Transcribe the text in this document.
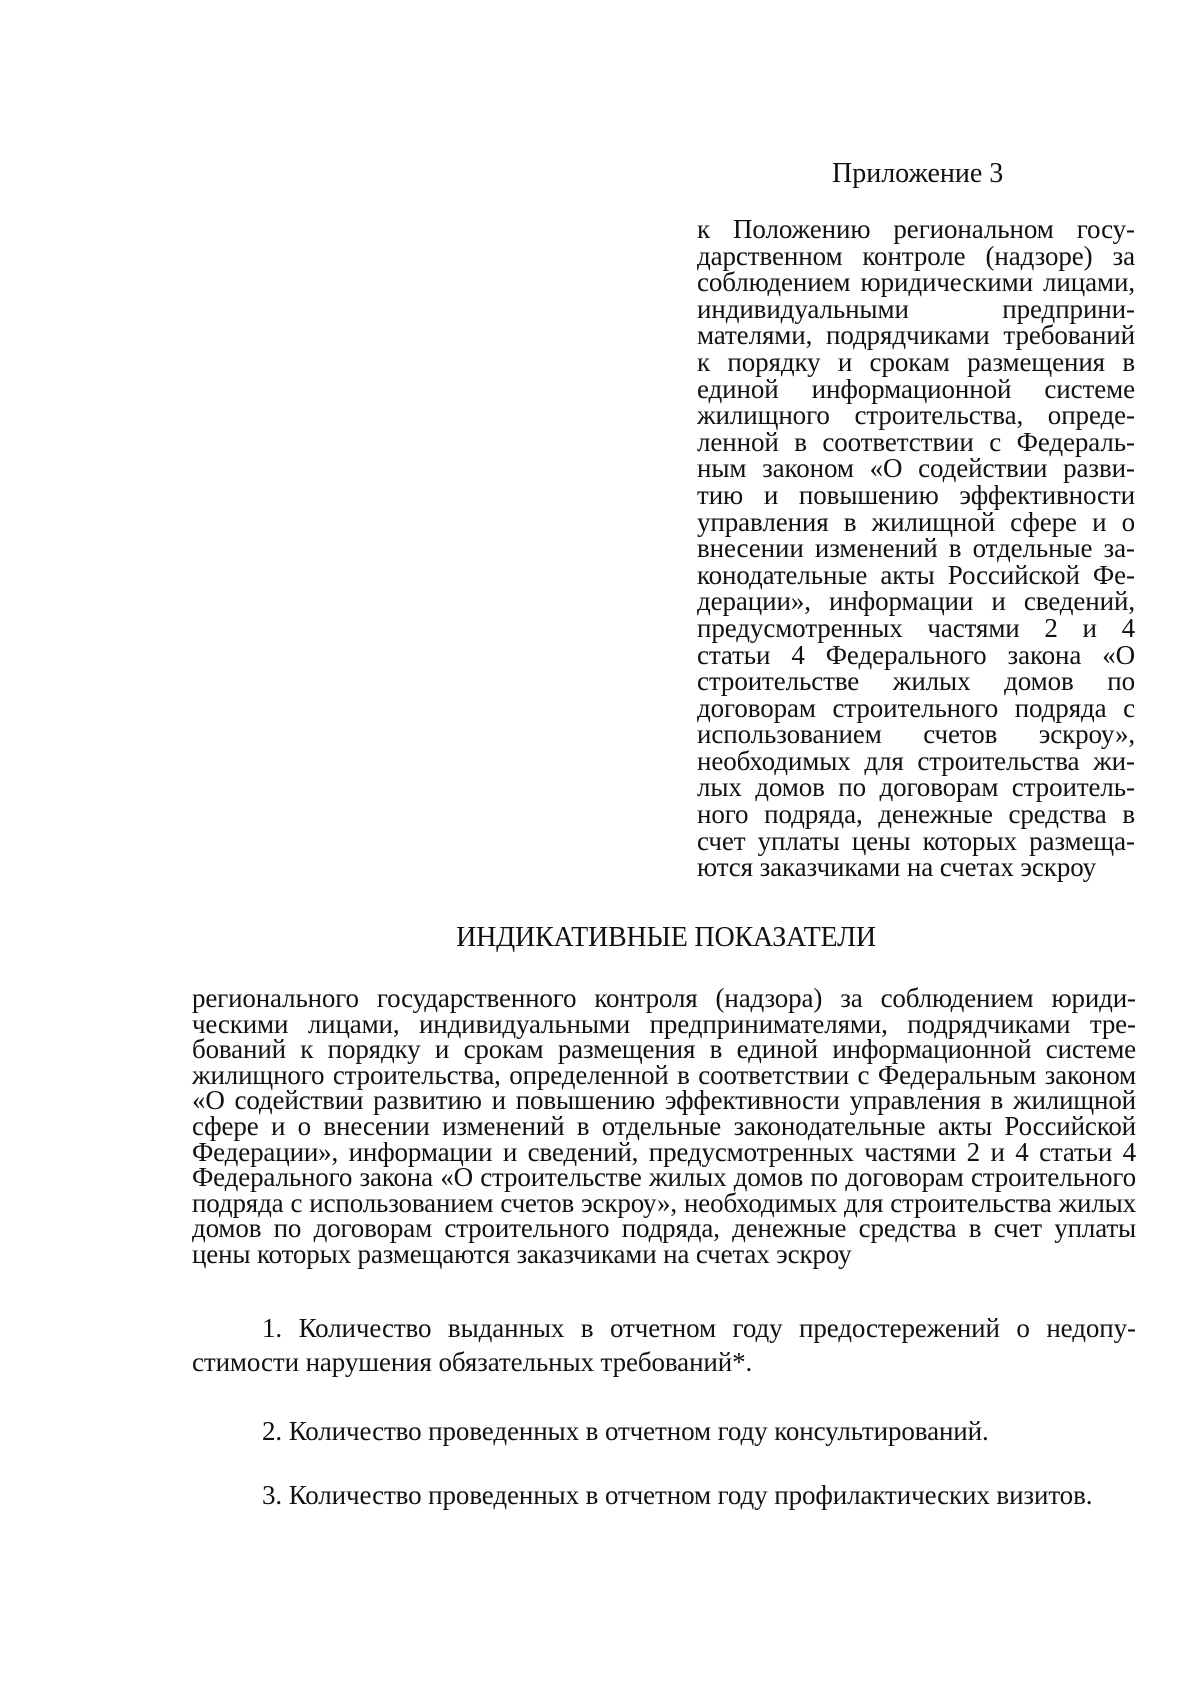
Приложение 3
к Положению региональном государственном контроле (надзоре) за соблюдением юридическими лицами, индивидуальными предпринимателями, подрядчиками требований к порядку и срокам размещения в единой информационной системе жилищного строительства, определенной в соответствии с Федеральным законом «О содействии развитию и повышению эффективности управления в жилищной сфере и о внесении изменений в отдельные законодательные акты Российской Федерации», информации и сведений, предусмотренных частями 2 и 4 статьи 4 Федерального закона «О строительстве жилых домов по договорам строительного подряда с использованием счетов эскроу», необходимых для строительства жилых домов по договорам строительного подряда, денежные средства в счет уплаты цены которых размещаются заказчиками на счетах эскроу
ИНДИКАТИВНЫЕ ПОКАЗАТЕЛИ
регионального государственного контроля (надзора) за соблюдением юридическими лицами, индивидуальными предпринимателями, подрядчиками требований к порядку и срокам размещения в единой информационной системе жилищного строительства, определенной в соответствии с Федеральным законом «О содействии развитию и повышению эффективности управления в жилищной сфере и о внесении изменений в отдельные законодательные акты Российской Федерации», информации и сведений, предусмотренных частями 2 и 4 статьи 4 Федерального закона «О строительстве жилых домов по договорам строительного подряда с использованием счетов эскроу», необходимых для строительства жилых домов по договорам строительного подряда, денежные средства в счет уплаты цены которых размещаются заказчиками на счетах эскроу
1. Количество выданных в отчетном году предостережений о недопустимости нарушения обязательных требований*.
2. Количество проведенных в отчетном году консультирований.
3. Количество проведенных в отчетном году профилактических визитов.
